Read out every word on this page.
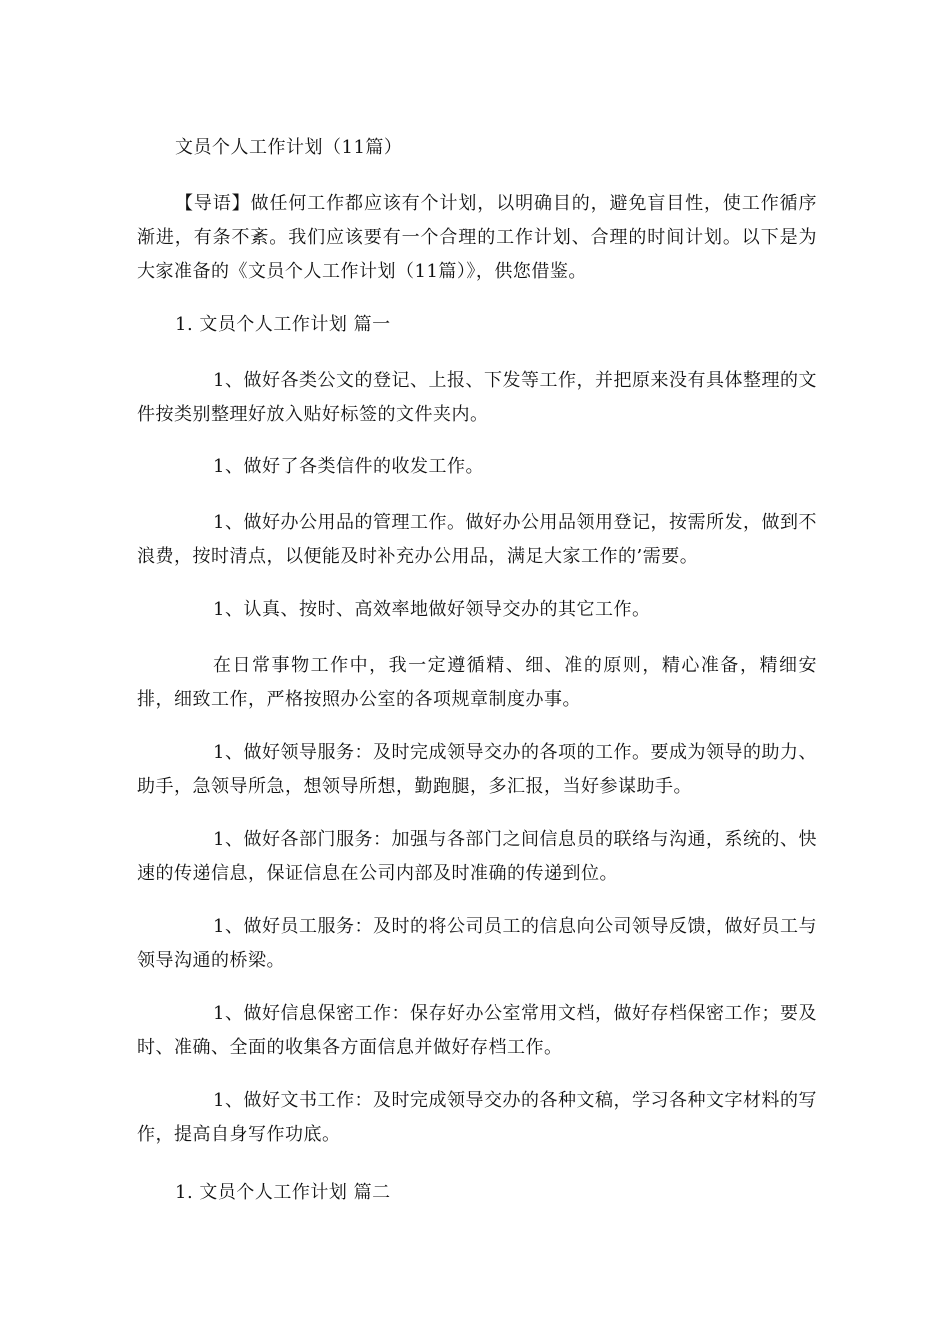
文员个人工作计划（11篇）
【导语】做任何工作都应该有个计划，以明确目的，避免盲目性，使工作循序渐进，有条不紊。我们应该要有一个合理的工作计划、合理的时间计划。以下是为大家准备的《文员个人工作计划（11篇）》，供您借鉴。
1. 文员个人工作计划 篇一
1、做好各类公文的登记、上报、下发等工作，并把原来没有具体整理的文件按类别整理好放入贴好标签的文件夹内。
1、做好了各类信件的收发工作。
1、做好办公用品的管理工作。做好办公用品领用登记，按需所发，做到不浪费，按时清点，以便能及时补充办公用品，满足大家工作的’需要。
1、认真、按时、高效率地做好领导交办的其它工作。
在日常事物工作中，我一定遵循精、细、准的原则，精心准备，精细安排，细致工作，严格按照办公室的各项规章制度办事。
1、做好领导服务：及时完成领导交办的各项的工作。要成为领导的助力、助手，急领导所急，想领导所想，勤跑腿，多汇报，当好参谋助手。
1、做好各部门服务：加强与各部门之间信息员的联络与沟通，系统的、快速的传递信息，保证信息在公司内部及时准确的传递到位。
1、做好员工服务：及时的将公司员工的信息向公司领导反馈，做好员工与领导沟通的桥梁。
1、做好信息保密工作：保存好办公室常用文档，做好存档保密工作；要及时、准确、全面的收集各方面信息并做好存档工作。
1、做好文书工作：及时完成领导交办的各种文稿，学习各种文字材料的写作，提高自身写作功底。
1. 文员个人工作计划 篇二
